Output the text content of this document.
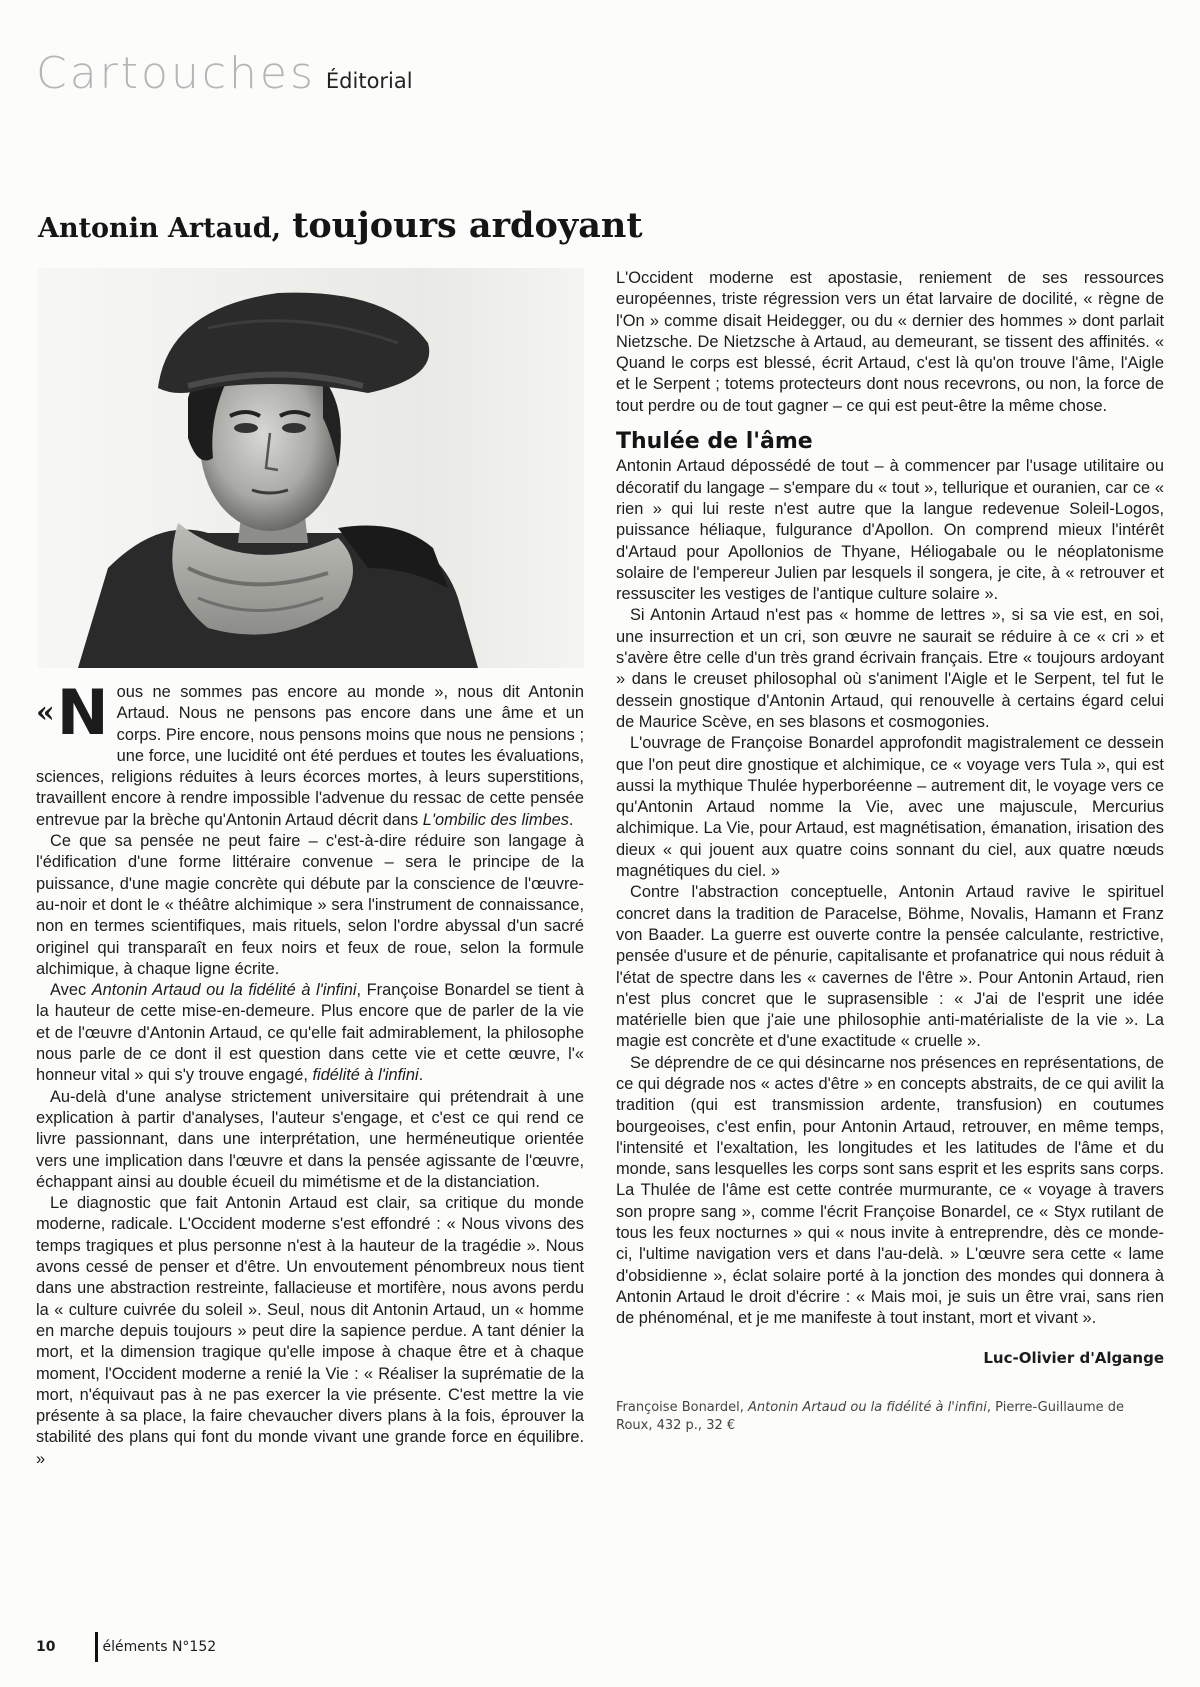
Cartouches Éditorial
Antonin Artaud, toujours ardoyant

« N ous ne sommes pas encore au monde », nous dit Antonin Artaud. Nous ne pensons pas encore dans une âme et un corps. Pire encore, nous pensons moins que nous ne pensions ; une force, une lucidité ont été perdues et toutes les évaluations, sciences, religions réduites à leurs écorces mortes, à leurs superstitions, travaillent encore à rendre impossible l'advenue du ressac de cette pensée entrevue par la brèche qu'Antonin Artaud décrit dans L'ombilic des limbes.

Ce que sa pensée ne peut faire – c'est-à-dire réduire son langage à l'édification d'une forme littéraire convenue – sera le principe de la puissance, d'une magie concrète qui débute par la conscience de l'œuvre-au-noir et dont le « théâtre alchimique » sera l'instrument de connaissance, non en termes scientifiques, mais rituels, selon l'ordre abyssal d'un sacré originel qui transparaît en feux noirs et feux de roue, selon la formule alchimique, à chaque ligne écrite.

Avec Antonin Artaud ou la fidélité à l'infini, Françoise Bonardel se tient à la hauteur de cette mise-en-demeure. Plus encore que de parler de la vie et de l'œuvre d'Antonin Artaud, ce qu'elle fait admirablement, la philosophe nous parle de ce dont il est question dans cette vie et cette œuvre, l'« honneur vital » qui s'y trouve engagé, fidélité à l'infini.

Au-delà d'une analyse strictement universitaire qui prétendrait à une explication à partir d'analyses, l'auteur s'engage, et c'est ce qui rend ce livre passionnant, dans une interprétation, une herméneutique orientée vers une implication dans l'œuvre et dans la pensée agissante de l'œuvre, échappant ainsi au double écueil du mimétisme et de la distanciation.

Le diagnostic que fait Antonin Artaud est clair, sa critique du monde moderne, radicale. L'Occident moderne s'est effondré : « Nous vivons des temps tragiques et plus personne n'est à la hauteur de la tragédie ». Nous avons cessé de penser et d'être. Un envoutement pénombreux nous tient dans une abstraction restreinte, fallacieuse et mortifère, nous avons perdu la « culture cuivrée du soleil ». Seul, nous dit Antonin Artaud, un « homme en marche depuis toujours » peut dire la sapience perdue. A tant dénier la mort, et la dimension tragique qu'elle impose à chaque être et à chaque moment, l'Occident moderne a renié la Vie : « Réaliser la suprématie de la mort, n'équivaut pas à ne pas exercer la vie présente. C'est mettre la vie présente à sa place, la faire chevaucher divers plans à la fois, éprouver la stabilité des plans qui font du monde vivant une grande force en équilibre. »

L'Occident moderne est apostasie, reniement de ses ressources européennes, triste régression vers un état larvaire de docilité, « règne de l'On » comme disait Heidegger, ou du « dernier des hommes » dont parlait Nietzsche. De Nietzsche à Artaud, au demeurant, se tissent des affinités. « Quand le corps est blessé, écrit Artaud, c'est là qu'on trouve l'âme, l'Aigle et le Serpent ; totems protecteurs dont nous recevrons, ou non, la force de tout perdre ou de tout gagner – ce qui est peut-être la même chose.

Thulée de l'âme

Antonin Artaud dépossédé de tout – à commencer par l'usage utilitaire ou décoratif du langage – s'empare du « tout », tellurique et ouranien, car ce « rien » qui lui reste n'est autre que la langue redevenue Soleil-Logos, puissance héliaque, fulgurance d'Apollon. On comprend mieux l'intérêt d'Artaud pour Apollonios de Thyane, Héliogabale ou le néoplatonisme solaire de l'empereur Julien par lesquels il songera, je cite, à « retrouver et ressusciter les vestiges de l'antique culture solaire ».

Si Antonin Artaud n'est pas « homme de lettres », si sa vie est, en soi, une insurrection et un cri, son œuvre ne saurait se réduire à ce « cri » et s'avère être celle d'un très grand écrivain français. Etre « toujours ardoyant » dans le creuset philosophal où s'animent l'Aigle et le Serpent, tel fut le dessein gnostique d'Antonin Artaud, qui renouvelle à certains égard celui de Maurice Scève, en ses blasons et cosmogonies.

L'ouvrage de Françoise Bonardel approfondit magistralement ce dessein que l'on peut dire gnostique et alchimique, ce « voyage vers Tula », qui est aussi la mythique Thulée hyperboréenne – autrement dit, le voyage vers ce qu'Antonin Artaud nomme la Vie, avec une majuscule, Mercurius alchimique. La Vie, pour Artaud, est magnétisation, émanation, irisation des dieux « qui jouent aux quatre coins sonnant du ciel, aux quatre nœuds magnétiques du ciel. »

Contre l'abstraction conceptuelle, Antonin Artaud ravive le spirituel concret dans la tradition de Paracelse, Böhme, Novalis, Hamann et Franz von Baader. La guerre est ouverte contre la pensée calculante, restrictive, pensée d'usure et de pénurie, capitalisante et profanatrice qui nous réduit à l'état de spectre dans les « cavernes de l'être ». Pour Antonin Artaud, rien n'est plus concret que le suprasensible : « J'ai de l'esprit une idée matérielle bien que j'aie une philosophie anti-matérialiste de la vie ». La magie est concrète et d'une exactitude « cruelle ».

Se déprendre de ce qui désincarne nos présences en représentations, de ce qui dégrade nos « actes d'être » en concepts abstraits, de ce qui avilit la tradition (qui est transmission ardente, transfusion) en coutumes bourgeoises, c'est enfin, pour Antonin Artaud, retrouver, en même temps, l'intensité et l'exaltation, les longitudes et les latitudes de l'âme et du monde, sans lesquelles les corps sont sans esprit et les esprits sans corps. La Thulée de l'âme est cette contrée murmurante, ce « voyage à travers son propre sang », comme l'écrit Françoise Bonardel, ce « Styx rutilant de tous les feux nocturnes » qui « nous invite à entreprendre, dès ce monde-ci, l'ultime navigation vers et dans l'au-delà. » L'œuvre sera cette « lame d'obsidienne », éclat solaire porté à la jonction des mondes qui donnera à Antonin Artaud le droit d'écrire : « Mais moi, je suis un être vrai, sans rien de phénoménal, et je me manifeste à tout instant, mort et vivant ».

Luc-Olivier d'Algange
Françoise Bonardel, Antonin Artaud ou la fidélité à l'infini, Pierre-Guillaume de Roux, 432 p., 32 €
10	éléments N°152
